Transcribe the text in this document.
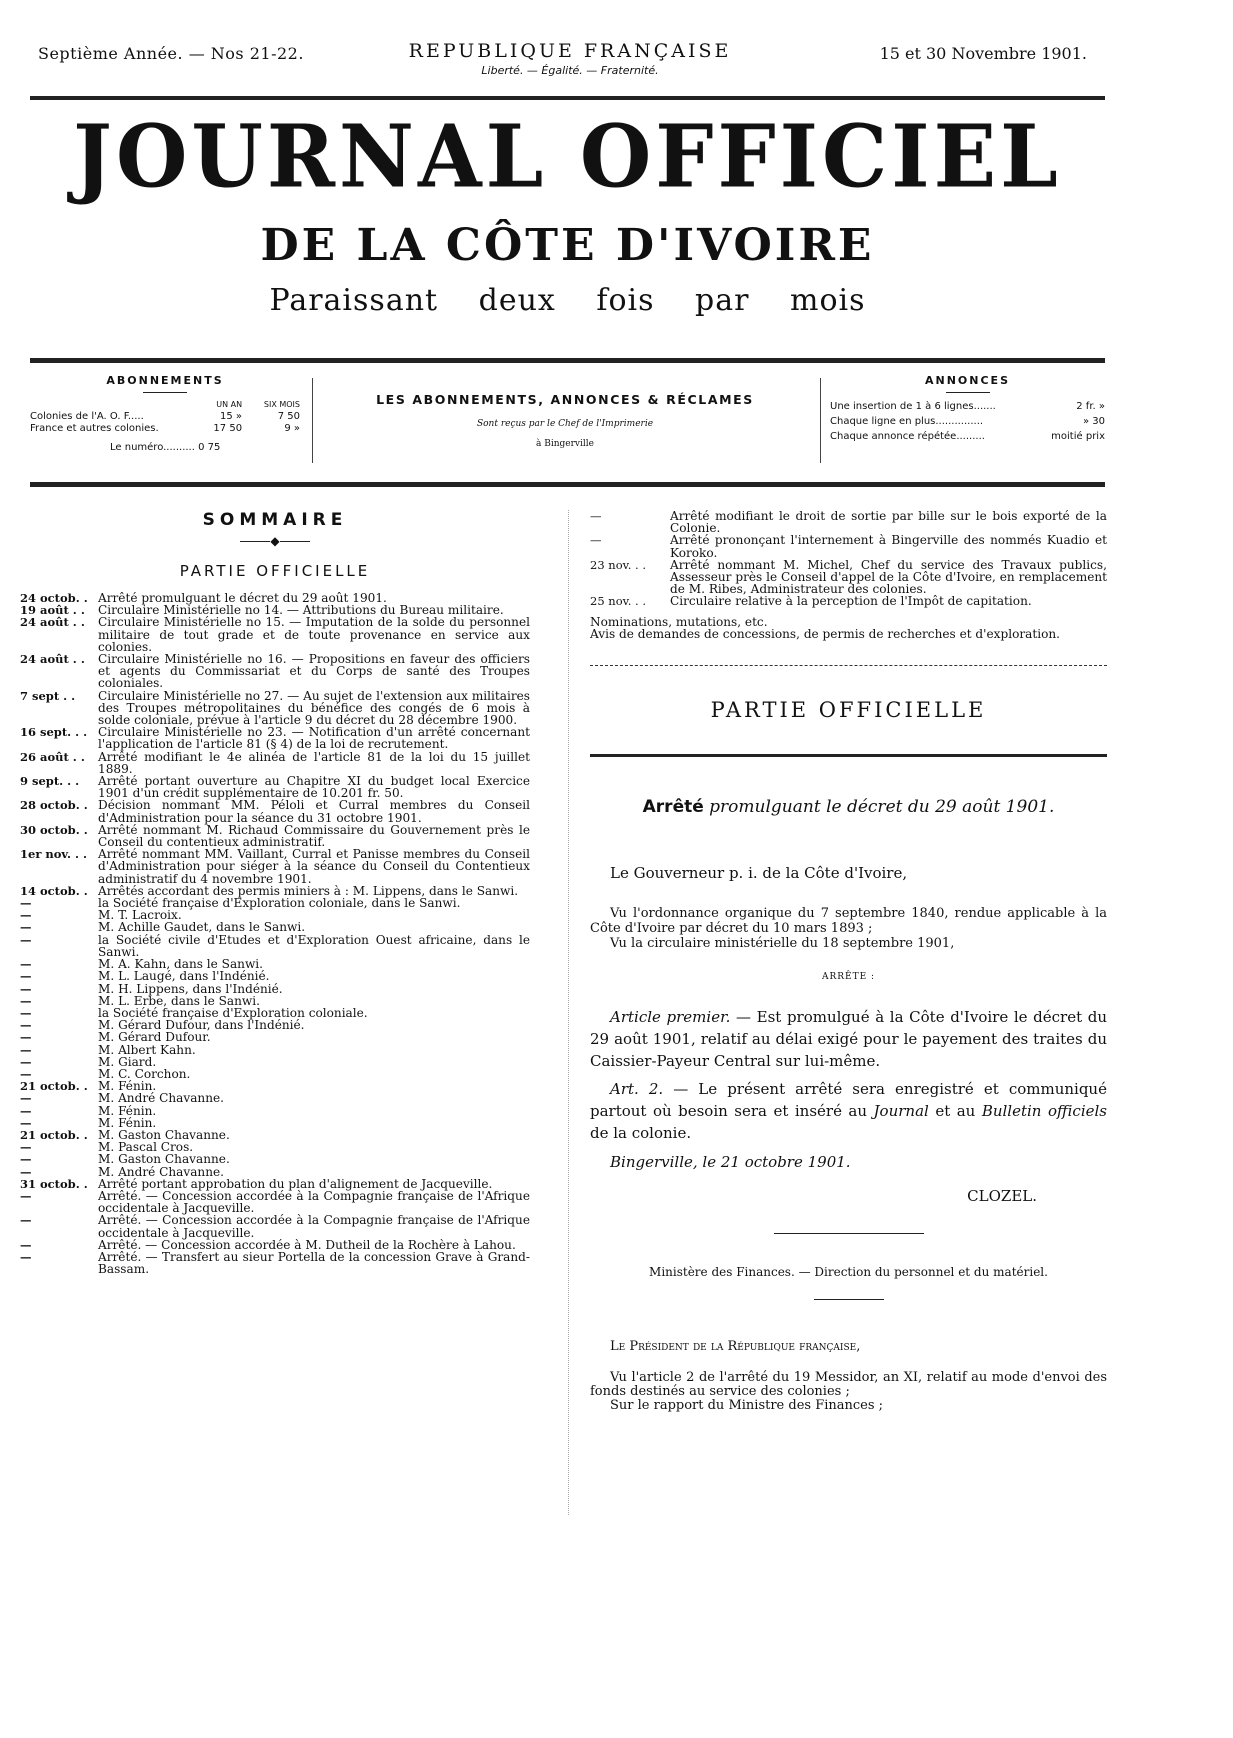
Septième Année. — Nos 21-22.	REPUBLIQUE FRANÇAISE
Liberté. — Égalité. — Fraternité.
15 et 30 Novembre 1901.
JOURNAL OFFICIEL
DE LA CÔTE D'IVOIRE
Paraissant deux fois par mois
ABONNEMENTS
	UN AN	SIX MOIS
Colonies de l'A. O. F.....	15 »	7 50
France et autres colonies.	17 50	9 »
Le numéro.......... 0 75
LES ABONNEMENTS, ANNONCES & RÉCLAMES
Sont reçus par le Chef de l'Imprimerie
à Bingerville
ANNONCES
Une insertion de 1 à 6 lignes.......	2 fr. »
Chaque ligne en plus...............	» 30
Chaque annonce répétée.........	moitié prix
SOMMAIRE
◆
PARTIE OFFICIELLE
24 octob. . Arrêté promulguant le décret du 29 août 1901.
19 août . .	Circulaire Ministérielle no 14. — Attributions du Bureau militaire.
24 août . .	Circulaire Ministérielle no 15. — Imputation de la solde du personnel militaire de tout grade et de toute provenance en service aux colonies.
24 août . .	Circulaire Ministérielle no 16. — Propositions en faveur des officiers et agents du Commissariat et du Corps de santé des Troupes coloniales.
7 sept . .	Circulaire Ministérielle no 27. — Au sujet de l'extension aux militaires des Troupes métropolitaines du bénéfice des congés de 6 mois à solde coloniale, prévue à l'article 9 du décret du 28 décembre 1900.
16 sept. . . Circulaire Ministérielle no 23. — Notification d'un arrêté concernant l'application de l'article 81 (§ 4) de la loi de recrutement.
26 août . .	Arrêté modifiant le 4e alinéa de l'article 81 de la loi du 15 juillet 1889.
9 sept. . .	Arrêté portant ouverture au Chapitre XI du budget local Exercice 1901 d'un crédit supplémentaire de 10.201 fr. 50.
28 octob. . Décision nommant MM. Péloli et Curral membres du Conseil d'Administration pour la séance du 31 octobre 1901.
30 octob. . Arrêté nommant M. Richaud Commissaire du Gouvernement près le Conseil du contentieux administratif.
1er nov. . . Arrêté nommant MM. Vaillant, Curral et Panisse membres du Conseil d'Administration pour siéger à la séance du Conseil du Contentieux administratif du 4 novembre 1901.
14 octob. . Arrêtés accordant des permis miniers à : M. Lippens, dans le Sanwi.
—	la Société française d'Exploration coloniale, dans le Sanwi.
—	M. T. Lacroix.
—	M. Achille Gaudet, dans le Sanwi.
—	la Société civile d'Etudes et d'Exploration Ouest africaine, dans le Sanwi.
—	M. A. Kahn, dans le Sanwi.
—	M. L. Laugé, dans l'Indénié.
—	M. H. Lippens, dans l'Indénié.
—	M. L. Erbe, dans le Sanwi.
—	la Société française d'Exploration coloniale.
—	M. Gérard Dufour, dans l'Indénié.
—	M. Gérard Dufour.
—	M. Albert Kahn.
—	M. Giard.
—	M. C. Corchon.
21 octob. . M. Fénin.
—	M. André Chavanne.
—	M. Fénin.
—	M. Fénin.
21 octob. . M. Gaston Chavanne.
—	M. Pascal Cros.
—	M. Gaston Chavanne.
—	M. André Chavanne.
31 octob. . Arrêté portant approbation du plan d'alignement de Jacqueville.
—	Arrêté. — Concession accordée à la Compagnie française de l'Afrique occidentale à Jacqueville.
—	Arrêté. — Concession accordée à la Compagnie française de l'Afrique occidentale à Jacqueville.
—	Arrêté. — Concession accordée à M. Dutheil de la Rochère à Lahou.
—	Arrêté. — Transfert au sieur Portella de la concession Grave à Grand-Bassam.
—	Arrêté modifiant le droit de sortie par bille sur le bois exporté de la Colonie.
—	Arrêté prononçant l'internement à Bingerville des nommés Kuadio et Koroko.
23 nov. . .	Arrêté nommant M. Michel, Chef du service des Travaux publics, Assesseur près le Conseil d'appel de la Côte d'Ivoire, en remplacement de M. Ribes, Administrateur des colonies.
25 nov. . .	Circulaire relative à la perception de l'Impôt de capitation.
Nominations, mutations, etc.
Avis de demandes de concessions, de permis de recherches et d'exploration.
PARTIE OFFICIELLE
Arrêté promulguant le décret du 29 août 1901.
Le Gouverneur p. i. de la Côte d'Ivoire,
Vu l'ordonnance organique du 7 septembre 1840, rendue applicable à la Côte d'Ivoire par décret du 10 mars 1893 ;
Vu la circulaire ministérielle du 18 septembre 1901,
ARRÊTE :
Article premier. — Est promulgué à la Côte d'Ivoire le décret du 29 août 1901, relatif au délai exigé pour le payement des traites du Caissier-Payeur Central sur lui-même.
Art. 2. — Le présent arrêté sera enregistré et communiqué partout où besoin sera et inséré au Journal et au Bulletin officiels de la colonie.
Bingerville, le 21 octobre 1901.
CLOZEL.
Ministère des Finances. — Direction du personnel et du matériel.
Le Président de la République française,
Vu l'article 2 de l'arrêté du 19 Messidor, an XI, relatif au mode d'envoi des fonds destinés au service des colonies ;
Sur le rapport du Ministre des Finances ;
